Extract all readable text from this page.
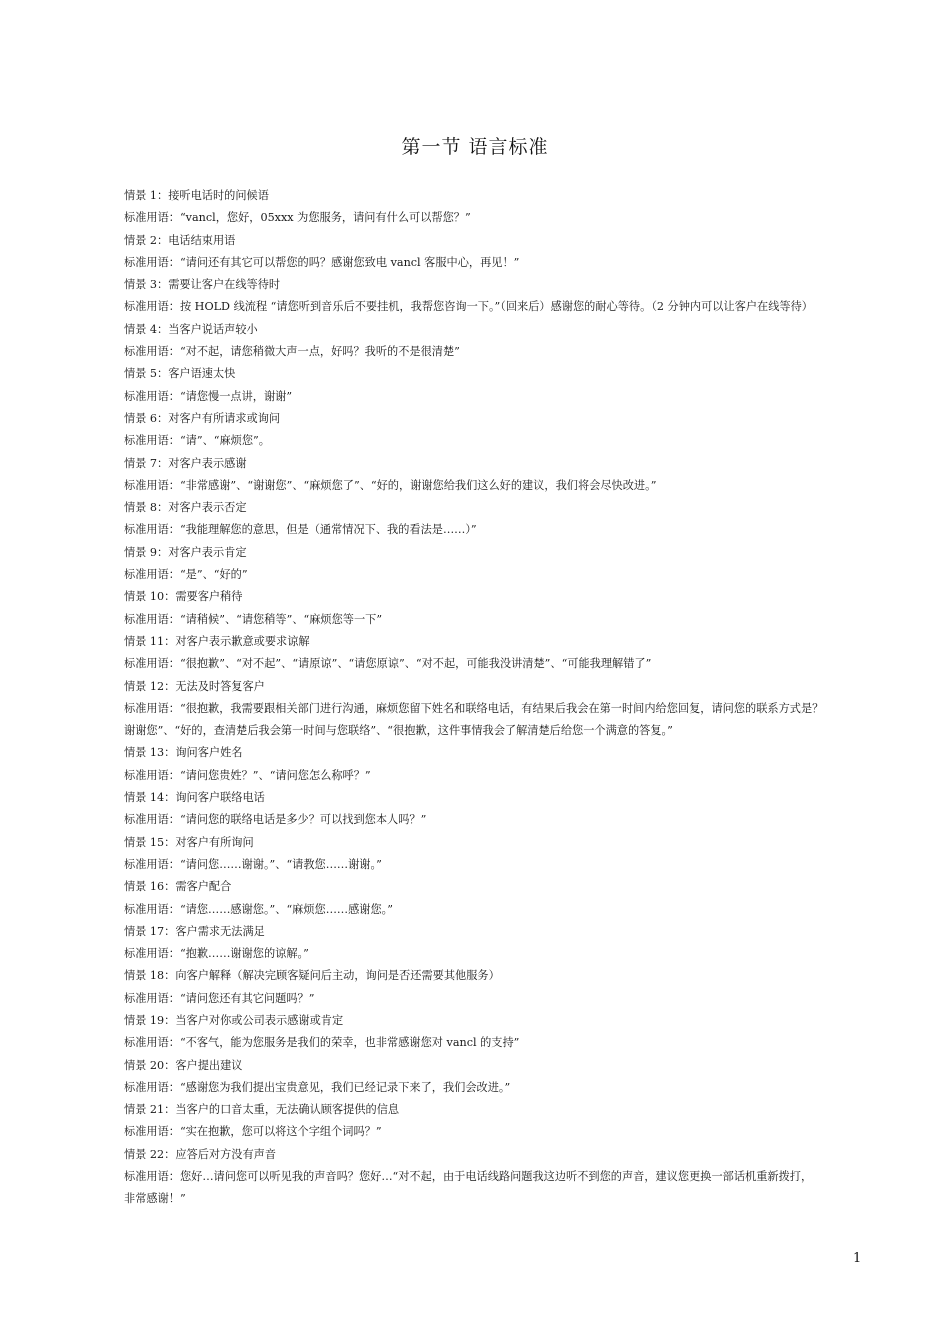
第一节 语言标准
情景 1：接听电话时的问候语
标准用语：“vancl，您好，05xxx 为您服务，请问有什么可以帮您？”
情景 2：电话结束用语
标准用语：“请问还有其它可以帮您的吗？感谢您致电 vancl 客服中心，再见！”
情景 3：需要让客户在线等待时
标准用语：按 HOLD 线流程 “请您听到音乐后不要挂机，我帮您咨询一下。”（回来后）感谢您的耐心等待。（2 分钟内可以让客户在线等待）
情景 4：当客户说话声较小
标准用语：“对不起，请您稍微大声一点，好吗？我听的不是很清楚”
情景 5：客户语速太快
标准用语：“请您慢一点讲，谢谢”
情景 6：对客户有所请求或询问
标准用语：“请”、“麻烦您”。
情景 7：对客户表示感谢
标准用语：“非常感谢”、“谢谢您”、“麻烦您了”、“好的，谢谢您给我们这么好的建议，我们将会尽快改进。”
情景 8：对客户表示否定
标准用语：“我能理解您的意思，但是（通常情况下、我的看法是……）”
情景 9：对客户表示肯定
标准用语：“是”、“好的”
情景 10：需要客户稍待
标准用语：“请稍候”、“请您稍等”、“麻烦您等一下”
情景 11：对客户表示歉意或要求谅解
标准用语：“很抱歉”、“对不起”、“请原谅”、“请您原谅”、“对不起，可能我没讲清楚”、“可能我理解错了”
情景 12：无法及时答复客户
标准用语：“很抱歉，我需要跟相关部门进行沟通，麻烦您留下姓名和联络电话，有结果后我会在第一时间内给您回复，请问您的联系方式是？
谢谢您”、“好的，查清楚后我会第一时间与您联络”、“很抱歉，这件事情我会了解清楚后给您一个满意的答复。”
情景 13：询问客户姓名
标准用语：“请问您贵姓？”、“请问您怎么称呼？”
情景 14：询问客户联络电话
标准用语：“请问您的联络电话是多少？可以找到您本人吗？”
情景 15：对客户有所询问
标准用语：“请问您……谢谢。”、“请教您……谢谢。”
情景 16：需客户配合
标准用语：“请您……感谢您。”、“麻烦您……感谢您。”
情景 17：客户需求无法满足
标准用语：“抱歉……谢谢您的谅解。”
情景 18：向客户解释（解决完顾客疑问后主动，询问是否还需要其他服务）
标准用语：“请问您还有其它问题吗？”
情景 19：当客户对你或公司表示感谢或肯定
标准用语：“不客气，能为您服务是我们的荣幸，也非常感谢您对 vancl 的支持”
情景 20：客户提出建议
标准用语：“感谢您为我们提出宝贵意见，我们已经记录下来了，我们会改进。”
情景 21：当客户的口音太重，无法确认顾客提供的信息
标准用语：“实在抱歉，您可以将这个字组个词吗？”
情景 22：应答后对方没有声音
标准用语：您好…请问您可以听见我的声音吗？您好…“对不起，由于电话线路问题我这边听不到您的声音，建议您更换一部话机重新拨打，
非常感谢！”
1
